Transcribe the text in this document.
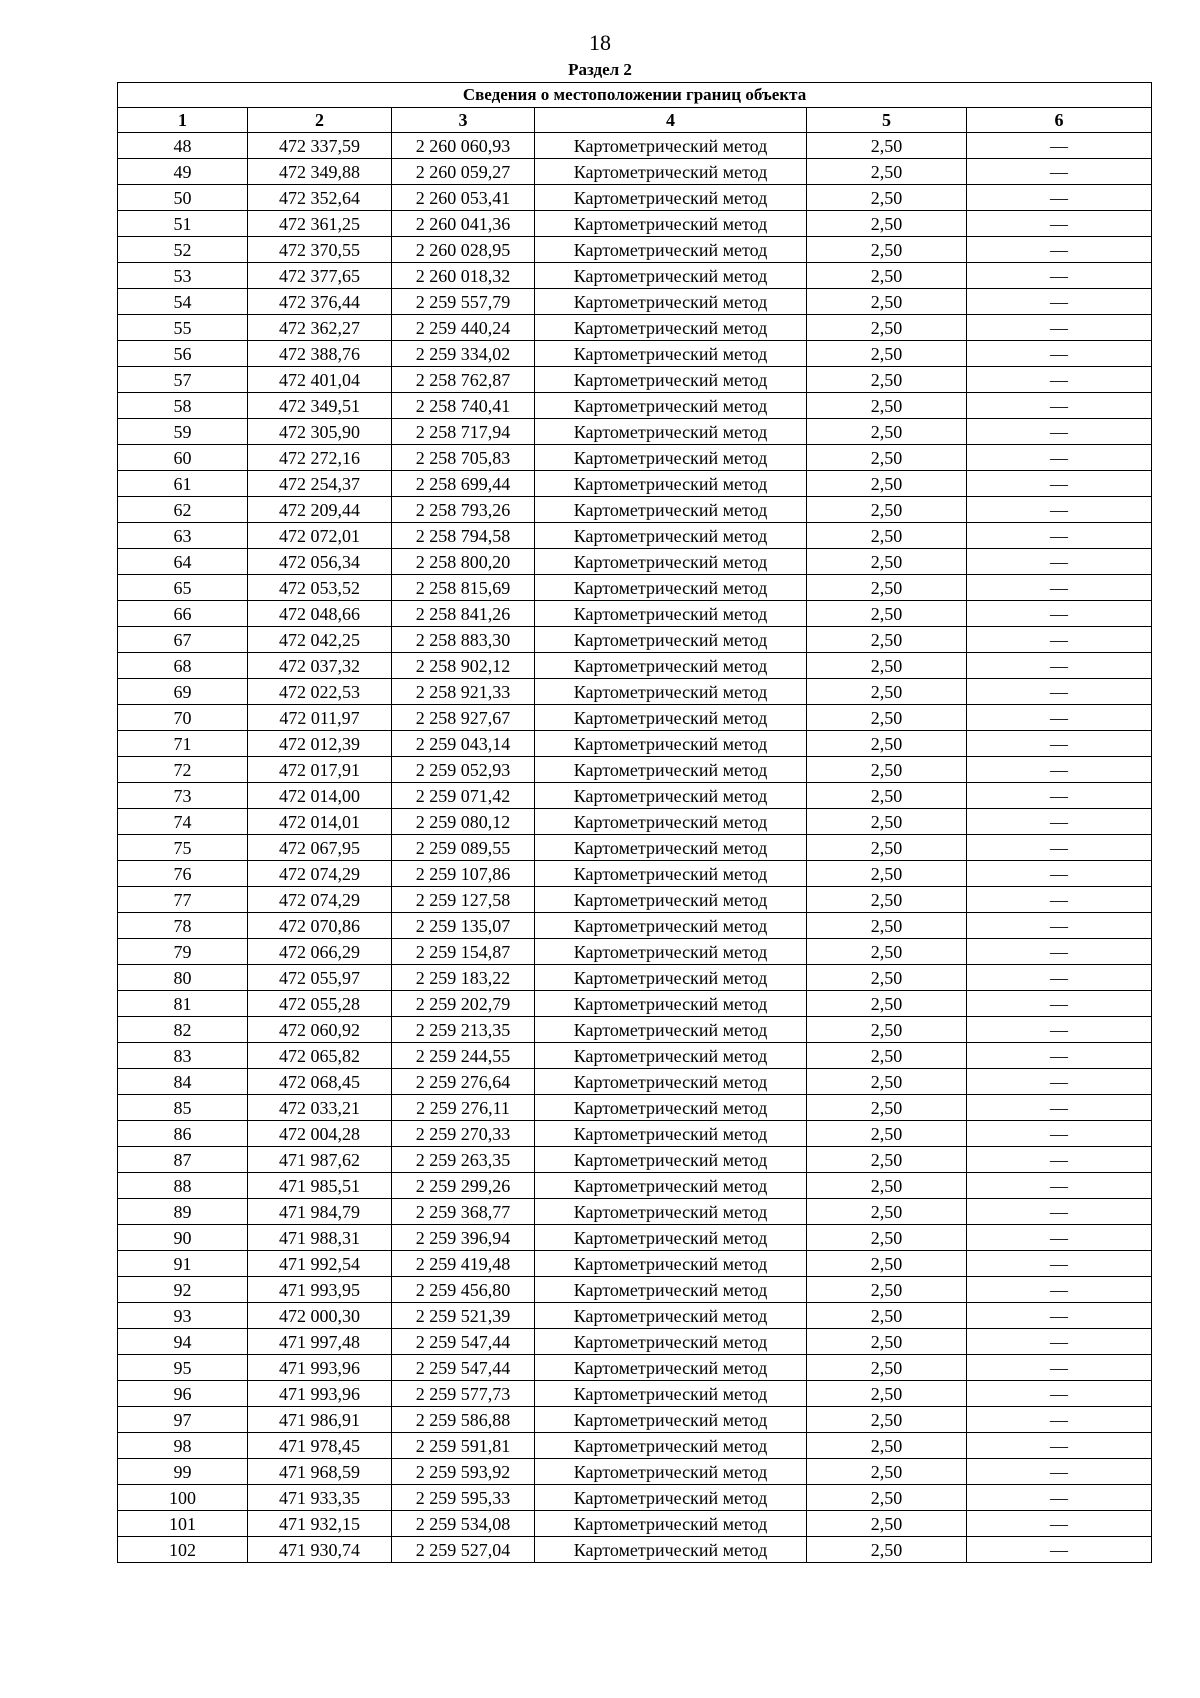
18
Раздел 2
Сведения о местоположении границ объекта					
1	2	3	4	5	6
48	472 337,59	2 260 060,93	Картометрический метод	2,50	—
49	472 349,88	2 260 059,27	Картометрический метод	2,50	—
50	472 352,64	2 260 053,41	Картометрический метод	2,50	—
51	472 361,25	2 260 041,36	Картометрический метод	2,50	—
52	472 370,55	2 260 028,95	Картометрический метод	2,50	—
53	472 377,65	2 260 018,32	Картометрический метод	2,50	—
54	472 376,44	2 259 557,79	Картометрический метод	2,50	—
55	472 362,27	2 259 440,24	Картометрический метод	2,50	—
56	472 388,76	2 259 334,02	Картометрический метод	2,50	—
57	472 401,04	2 258 762,87	Картометрический метод	2,50	—
58	472 349,51	2 258 740,41	Картометрический метод	2,50	—
59	472 305,90	2 258 717,94	Картометрический метод	2,50	—
60	472 272,16	2 258 705,83	Картометрический метод	2,50	—
61	472 254,37	2 258 699,44	Картометрический метод	2,50	—
62	472 209,44	2 258 793,26	Картометрический метод	2,50	—
63	472 072,01	2 258 794,58	Картометрический метод	2,50	—
64	472 056,34	2 258 800,20	Картометрический метод	2,50	—
65	472 053,52	2 258 815,69	Картометрический метод	2,50	—
66	472 048,66	2 258 841,26	Картометрический метод	2,50	—
67	472 042,25	2 258 883,30	Картометрический метод	2,50	—
68	472 037,32	2 258 902,12	Картометрический метод	2,50	—
69	472 022,53	2 258 921,33	Картометрический метод	2,50	—
70	472 011,97	2 258 927,67	Картометрический метод	2,50	—
71	472 012,39	2 259 043,14	Картометрический метод	2,50	—
72	472 017,91	2 259 052,93	Картометрический метод	2,50	—
73	472 014,00	2 259 071,42	Картометрический метод	2,50	—
74	472 014,01	2 259 080,12	Картометрический метод	2,50	—
75	472 067,95	2 259 089,55	Картометрический метод	2,50	—
76	472 074,29	2 259 107,86	Картометрический метод	2,50	—
77	472 074,29	2 259 127,58	Картометрический метод	2,50	—
78	472 070,86	2 259 135,07	Картометрический метод	2,50	—
79	472 066,29	2 259 154,87	Картометрический метод	2,50	—
80	472 055,97	2 259 183,22	Картометрический метод	2,50	—
81	472 055,28	2 259 202,79	Картометрический метод	2,50	—
82	472 060,92	2 259 213,35	Картометрический метод	2,50	—
83	472 065,82	2 259 244,55	Картометрический метод	2,50	—
84	472 068,45	2 259 276,64	Картометрический метод	2,50	—
85	472 033,21	2 259 276,11	Картометрический метод	2,50	—
86	472 004,28	2 259 270,33	Картометрический метод	2,50	—
87	471 987,62	2 259 263,35	Картометрический метод	2,50	—
88	471 985,51	2 259 299,26	Картометрический метод	2,50	—
89	471 984,79	2 259 368,77	Картометрический метод	2,50	—
90	471 988,31	2 259 396,94	Картометрический метод	2,50	—
91	471 992,54	2 259 419,48	Картометрический метод	2,50	—
92	471 993,95	2 259 456,80	Картометрический метод	2,50	—
93	472 000,30	2 259 521,39	Картометрический метод	2,50	—
94	471 997,48	2 259 547,44	Картометрический метод	2,50	—
95	471 993,96	2 259 547,44	Картометрический метод	2,50	—
96	471 993,96	2 259 577,73	Картометрический метод	2,50	—
97	471 986,91	2 259 586,88	Картометрический метод	2,50	—
98	471 978,45	2 259 591,81	Картометрический метод	2,50	—
99	471 968,59	2 259 593,92	Картометрический метод	2,50	—
100	471 933,35	2 259 595,33	Картометрический метод	2,50	—
101	471 932,15	2 259 534,08	Картометрический метод	2,50	—
102	471 930,74	2 259 527,04	Картометрический метод	2,50	—
